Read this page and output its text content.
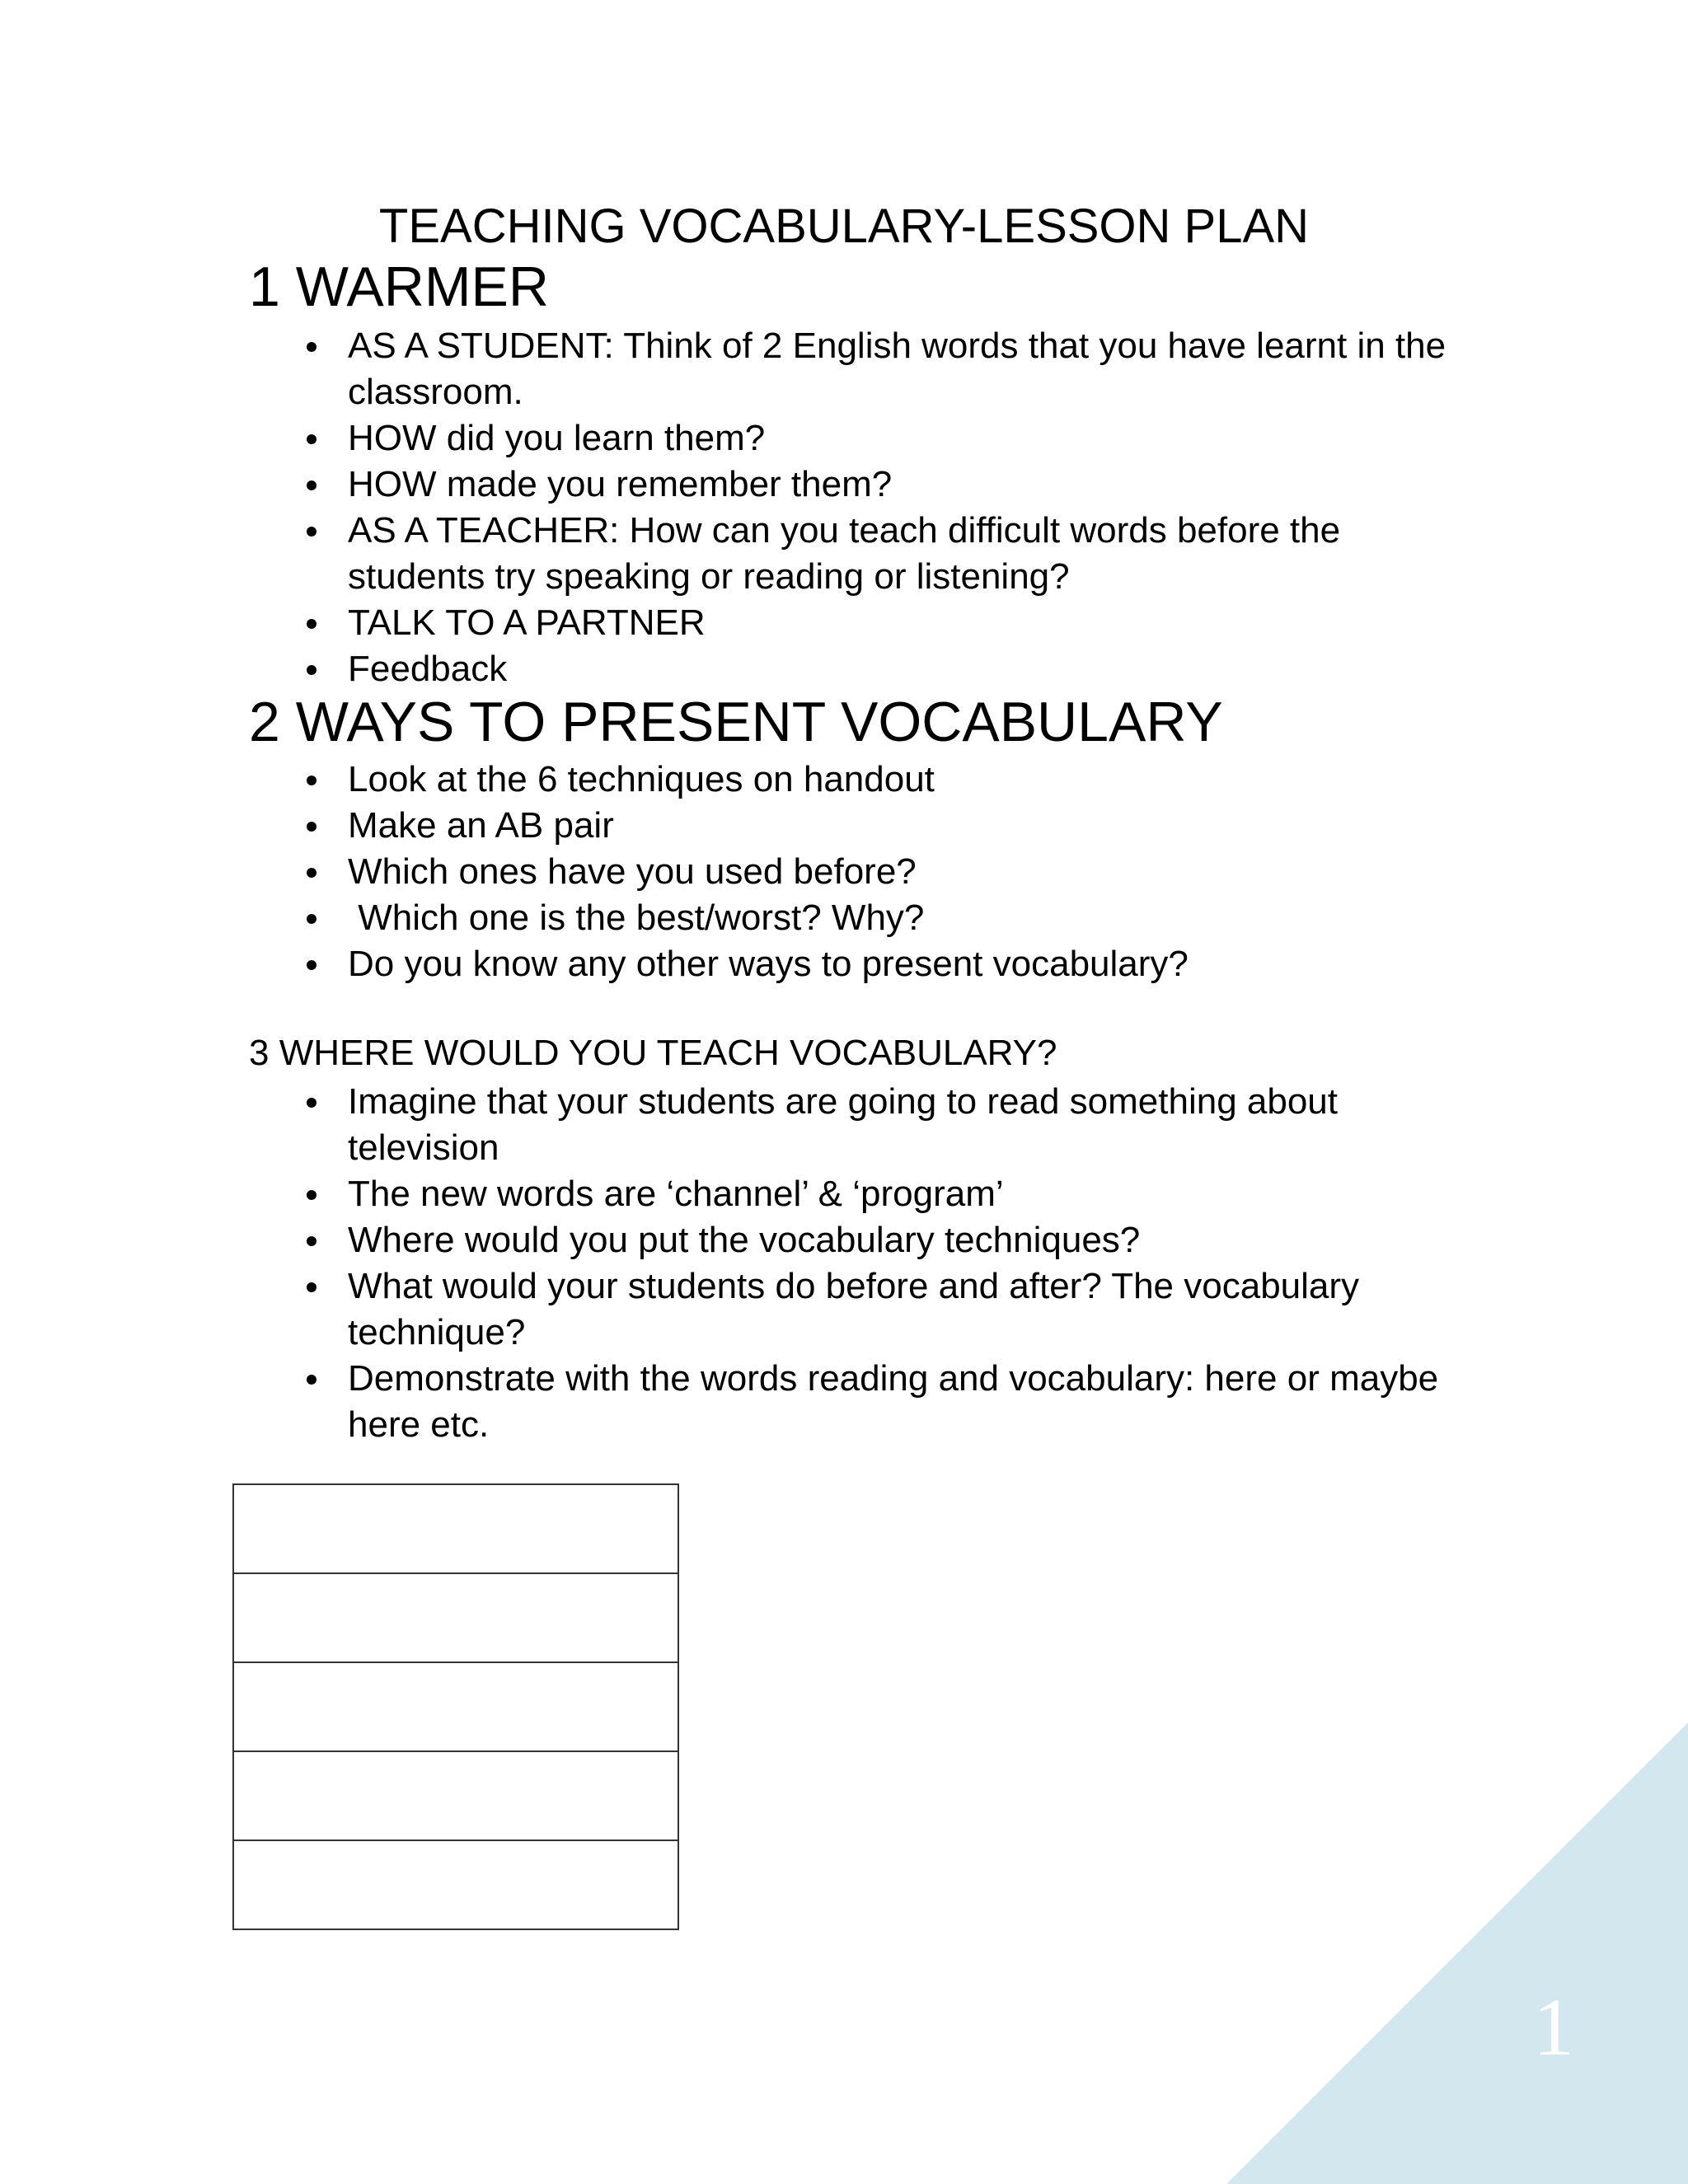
TEACHING VOCABULARY-LESSON PLAN
1 WARMER
AS A STUDENT: Think of 2 English words that you have learnt in the classroom.
HOW did you learn them?
HOW made you remember them?
AS A TEACHER: How can you teach difficult words before the students try speaking or reading or listening?
TALK TO A PARTNER
Feedback
2 WAYS TO PRESENT VOCABULARY
Look at the 6 techniques on handout
Make an AB pair
Which ones have you used before?
Which one is the best/worst? Why?
Do you know any other ways to present vocabulary?
3 WHERE WOULD YOU TEACH VOCABULARY?
Imagine that your students are going to read something about television
The new words are ‘channel’ & ‘program’
Where would you put the vocabulary techniques?
What would your students do before and after? The vocabulary technique?
Demonstrate with the words reading and vocabulary: here or maybe here etc.

1
